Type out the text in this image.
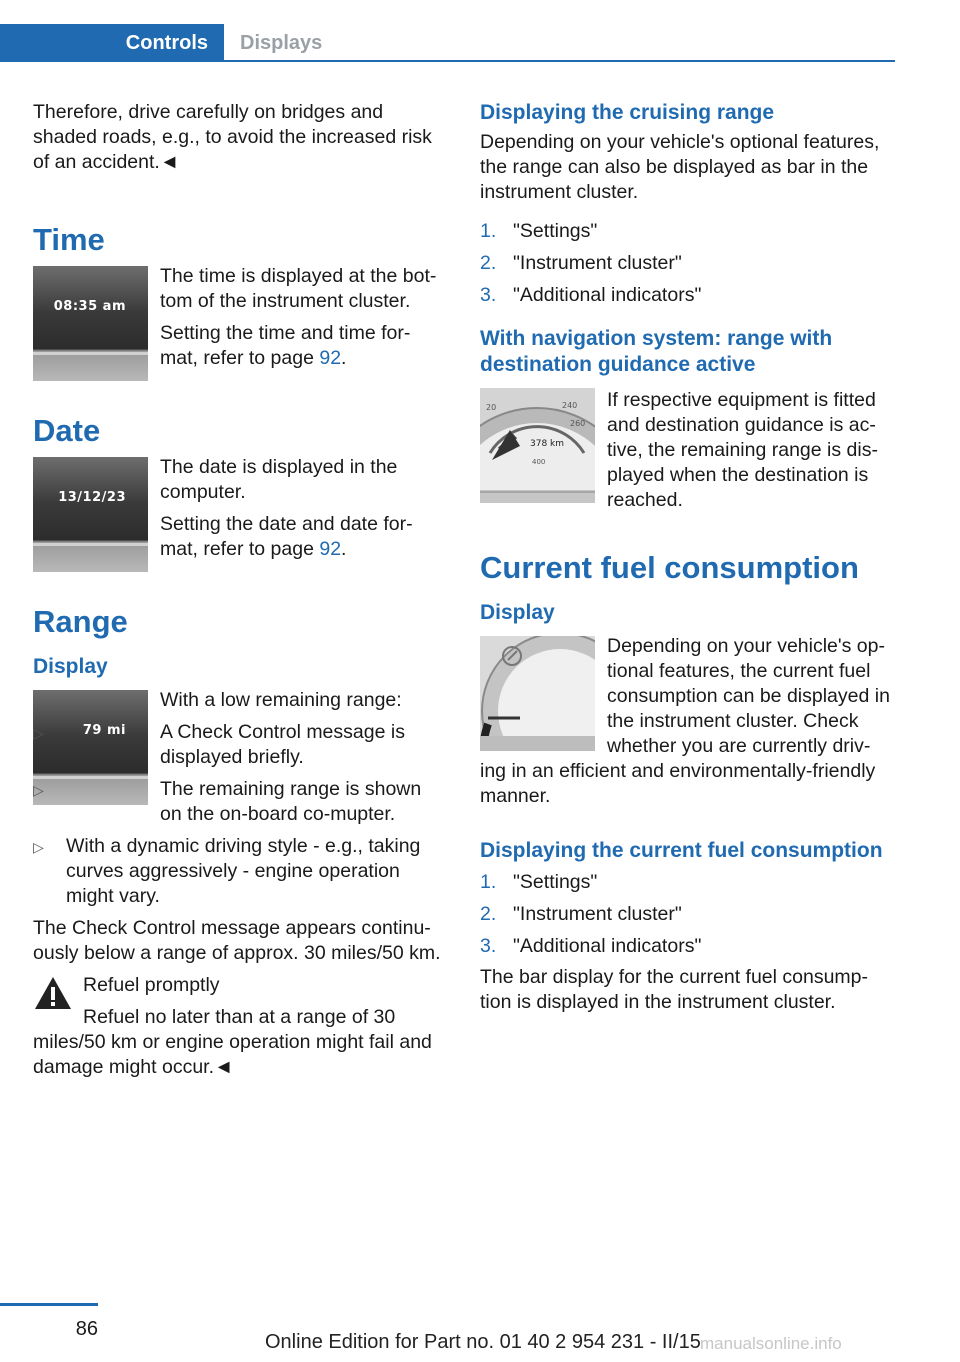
Controls	Displays

Therefore, drive carefully on bridges and shaded roads, e.g., to avoid the increased risk of an accident.◄

Time
08:35 am

The time is displayed at the bot‐tom of the instrument cluster.

Setting the time and time for‐mat, refer to page 92.

Date
13/12/23

The date is displayed in the computer.

Setting the date and date for‐mat, refer to page 92.

Range
Display
79 mi

With a low remaining range:

▷	A Check Control message is displayed briefly.
▷	The remaining range is shown on the on-board co‐mupter.
▷ With a dynamic driving style - e.g., taking curves aggressively - engine operation might vary.

The Check Control message appears continu‐ously below a range of approx. 30 miles/50 km.

Refuel promptly

Refuel no later than at a range of 30 miles/50 km or engine operation might fail and damage might occur.◄

Displaying the cruising range

Depending on your vehicle's optional features, the range can also be displayed as bar in the instrument cluster.

1. "Settings"
2. "Instrument cluster"
3. "Additional indicators"
With navigation system: range with destination guidance active
378 km
20	240
260
400

If respective equipment is fitted and destination guidance is ac‐tive, the remaining range is dis‐played when the destination is reached.

Current fuel consumption
Display

Depending on your vehicle's op‐tional features, the current fuel consumption can be displayed in the instrument cluster. Check whether you are currently driv‐ing in an efficient and environmentally-friendly manner.

Displaying the current fuel consumption
1. "Settings"
2. "Instrument cluster"
3. "Additional indicators"

The bar display for the current fuel consump‐tion is displayed in the instrument cluster.

86
Online Edition for Part no. 01 40 2 954 231 - II/15 manualsonline.info
